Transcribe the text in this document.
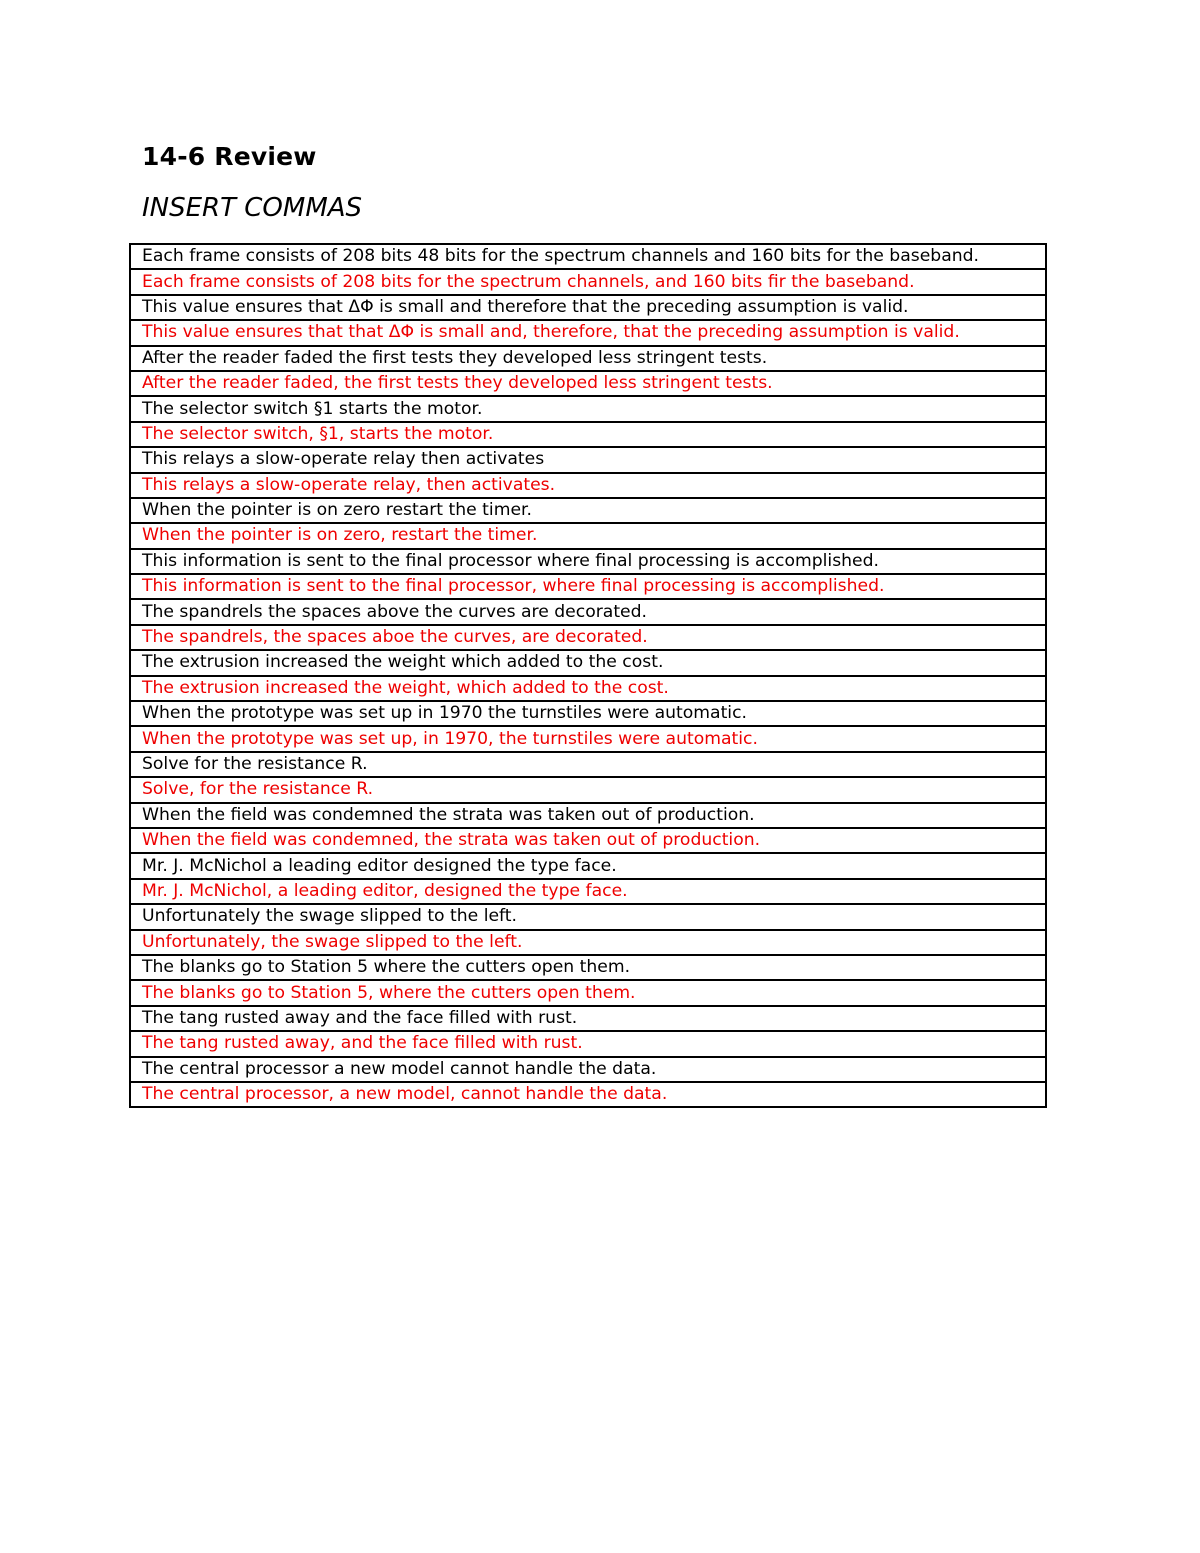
14-6 Review
INSERT COMMAS
Each frame consists of 208 bits 48 bits for the spectrum channels and 160 bits for the baseband.
Each frame consists of 208 bits for the spectrum channels, and 160 bits fir the baseband.
This value ensures that ΔΦ is small and therefore that the preceding assumption is valid.
This value ensures that that ΔΦ is small and, therefore, that the preceding assumption is valid.
After the reader faded the first tests they developed less stringent tests.
After the reader faded, the first tests they developed less stringent tests.
The selector switch §1 starts the motor.
The selector switch, §1, starts the motor.
This relays a slow-operate relay then activates
This relays a slow-operate relay, then activates.
When the pointer is on zero restart the timer.
When the pointer is on zero, restart the timer.
This information is sent to the final processor where final processing is accomplished.
This information is sent to the final processor, where final processing is accomplished.
The spandrels the spaces above the curves are decorated.
The spandrels, the spaces aboe the curves, are decorated.
The extrusion increased the weight which added to the cost.
The extrusion increased the weight, which added to the cost.
When the prototype was set up in 1970 the turnstiles were automatic.
When the prototype was set up, in 1970, the turnstiles were automatic.
Solve for the resistance R.
Solve, for the resistance R.
When the field was condemned the strata was taken out of production.
When the field was condemned, the strata was taken out of production.
Mr. J. McNichol a leading editor designed the type face.
Mr. J. McNichol, a leading editor, designed the type face.
Unfortunately the swage slipped to the left.
Unfortunately, the swage slipped to the left.
The blanks go to Station 5 where the cutters open them.
The blanks go to Station 5, where the cutters open them.
The tang rusted away and the face filled with rust.
The tang rusted away, and the face filled with rust.
The central processor a new model cannot handle the data.
The central processor, a new model, cannot handle the data.
